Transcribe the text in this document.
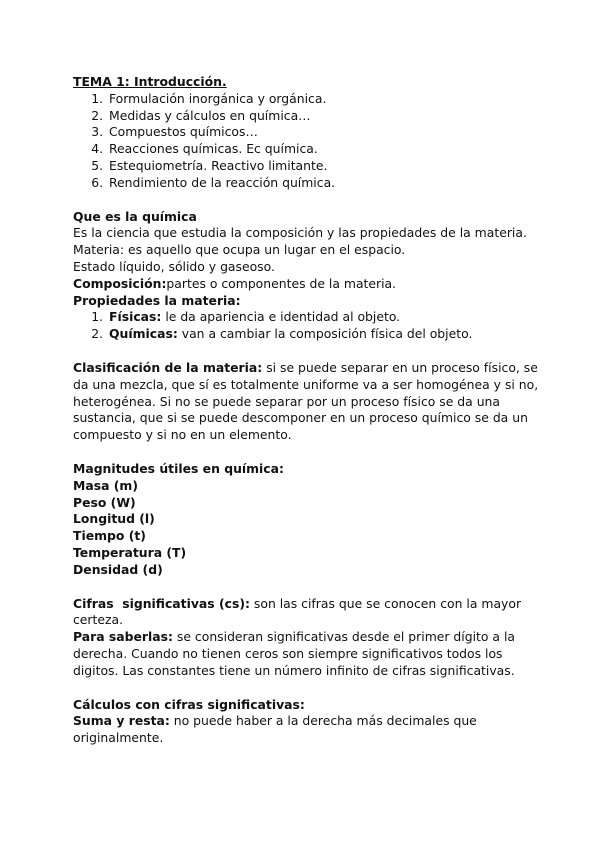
TEMA 1: Introducción.

1. Formulación inorgánica y orgánica.
2. Medidas y cálculos en química…
3. Compuestos químicos…
4. Reacciones químicas. Ec química.
5. Estequiometría. Reactivo limitante.
6. Rendimiento de la reacción química.

Que es la química

Es la ciencia que estudia la composición y las propiedades de la materia.

Materia: es aquello que ocupa un lugar en el espacio.

Estado líquido, sólido y gaseoso.

Composición:partes o componentes de la materia.

Propiedades la materia:

1. Físicas: le da apariencia e identidad al objeto.
2. Químicas: van a cambiar la composición física del objeto.

Clasificación de la materia: si se puede separar en un proceso físico, se da una mezcla, que sí es totalmente uniforme va a ser homogénea y si no, heterogénea. Si no se puede separar por un proceso físico se da una sustancia, que si se puede descomponer en un proceso químico se da un compuesto y si no en un elemento.

Magnitudes útiles en química:

Masa (m)

Peso (W)

Longitud (l)

Tiempo (t)

Temperatura (T)

Densidad (d)

Cifras  significativas (cs): son las cifras que se conocen con la mayor certeza.

Para saberlas: se consideran significativas desde el primer dígito a la derecha. Cuando no tienen ceros son siempre significativos todos los digitos. Las constantes tiene un número infinito de cifras significativas.

Cálculos con cifras significativas:

Suma y resta: no puede haber a la derecha más decimales que originalmente.
